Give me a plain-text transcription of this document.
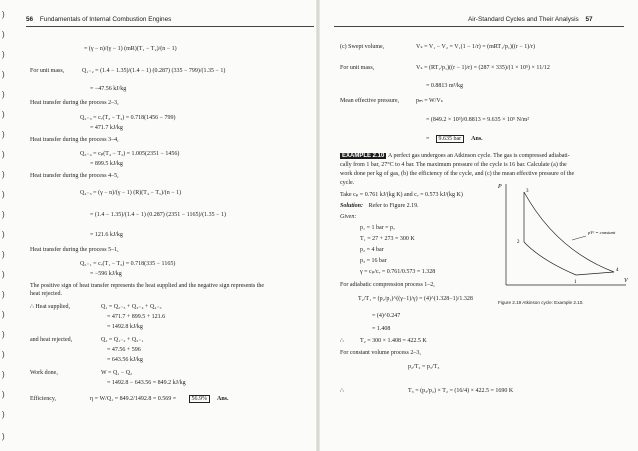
56 Fundamentals of Internal Combustion Engines
= (γ − n)/(γ − 1) (mR)(T₁ − T₂)/(n − 1)
For unit mass,	Q₁₋₂ = (1.4 − 1.35)/(1.4 − 1) (0.287) (335 − 799)/(1.35 − 1)
= −47.56 kJ/kg
Heat transfer during the process 2–3,
Q₂₋₃ = cᵥ(T₃ − T₂) = 0.718(1456 − 799)
= 471.7 kJ/kg
Heat transfer during the process 3–4,
Q₃₋₄ = cₚ(T₄ − T₃) = 1.005(2351 − 1456)
= 899.5 kJ/kg
Heat transfer during the process 4–5,
Q₄₋₅ = (γ − n)/(γ − 1) (R)(T₄ − T₅)/(n − 1)
= (1.4 − 1.35)/(1.4 − 1) (0.287) (2351 − 1165)/(1.35 − 1)
= 121.6 kJ/kg
Heat transfer during the process 5–1,
Q₅₋₁ = cᵥ(T₁ − T₅) = 0.718(335 − 1165)
= −596 kJ/kg
The positive sign of heat transfer represents the heat supplied and the negative sign represents the
heat rejected.
∴ Heat supplied,	Q₁ = Q₂₋₃ + Q₃₋₄ + Q₄₋₅
= 471.7 + 899.5 + 121.6
= 1492.8 kJ/kg
and heat rejected,	Q₂ = Q₁₋₂ + Q₅₋₁
= 47.56 + 596
= 643.56 kJ/kg
Work done,	W = Q₁ − Q₂
= 1492.8 − 643.56 = 849.2 kJ/kg
Efficiency,	η = W/Q₁ = 849.2/1492.8 = 0.569 =	56.9% Ans.
)
)
)
)
)
)
)
)
)
)
)
)
)
)
)
)
)
)
)
)
)
)
Air-Standard Cycles and Their Analysis 57
(c) Swept volume,	Vₛ = V₁ − V₂ = V₁(1 − 1/r) = (mRT₁/p₁)((r − 1)/r)
For unit mass,	Vₛ = (RT₁/p₁)((r − 1)/r) = (287 × 335)/(1 × 10⁵) × 11/12
= 0.8813 m³/kg
Mean effective pressure,	pₘ = W/Vₛ
= (849.2 × 10³)/0.8813 = 9.635 × 10⁵ N/m²
=	9.635 bar Ans.
EXAMPLE 2.10 A perfect gas undergoes an Atkinson cycle. The gas is compressed adiabati-
cally from 1 bar, 27°C to 4 bar. The maximum pressure of the cycle is 16 bar. Calculate (a) the
work done per kg of gas, (b) the efficiency of the cycle, and (c) the mean effective pressure of the
cycle.
Take cₚ = 0.761 kJ/(kg K) and cᵥ = 0.573 kJ/(kg K)
Solution: Refer to Figure 2.19.
Given:
p₁ = 1 bar = pₐ
T₁ = 27 + 273 = 300 K
p₂ = 4 bar
p₃ = 16 bar
γ = cₚ/cᵥ = 0.761/0.573 = 1.328
For adiabatic compression process 1–2,
T₂/T₁ = (p₂/p₁)^((γ−1)/γ) = (4)^(1.328−1)/1.328
= (4)^0.247
= 1.408
∴	T₂ = 300 × 1.408 = 422.5 K
For constant volume process 2–3,
p₂/T₂ = p₃/T₃
∴	T₃ = (p₃/p₂) × T₂ = (16/4) × 422.5 = 1690 K
P
V
3
2
1
4
pVʸ = constant
Figure 2.19 Atkinson cycle: Example 2.10.
